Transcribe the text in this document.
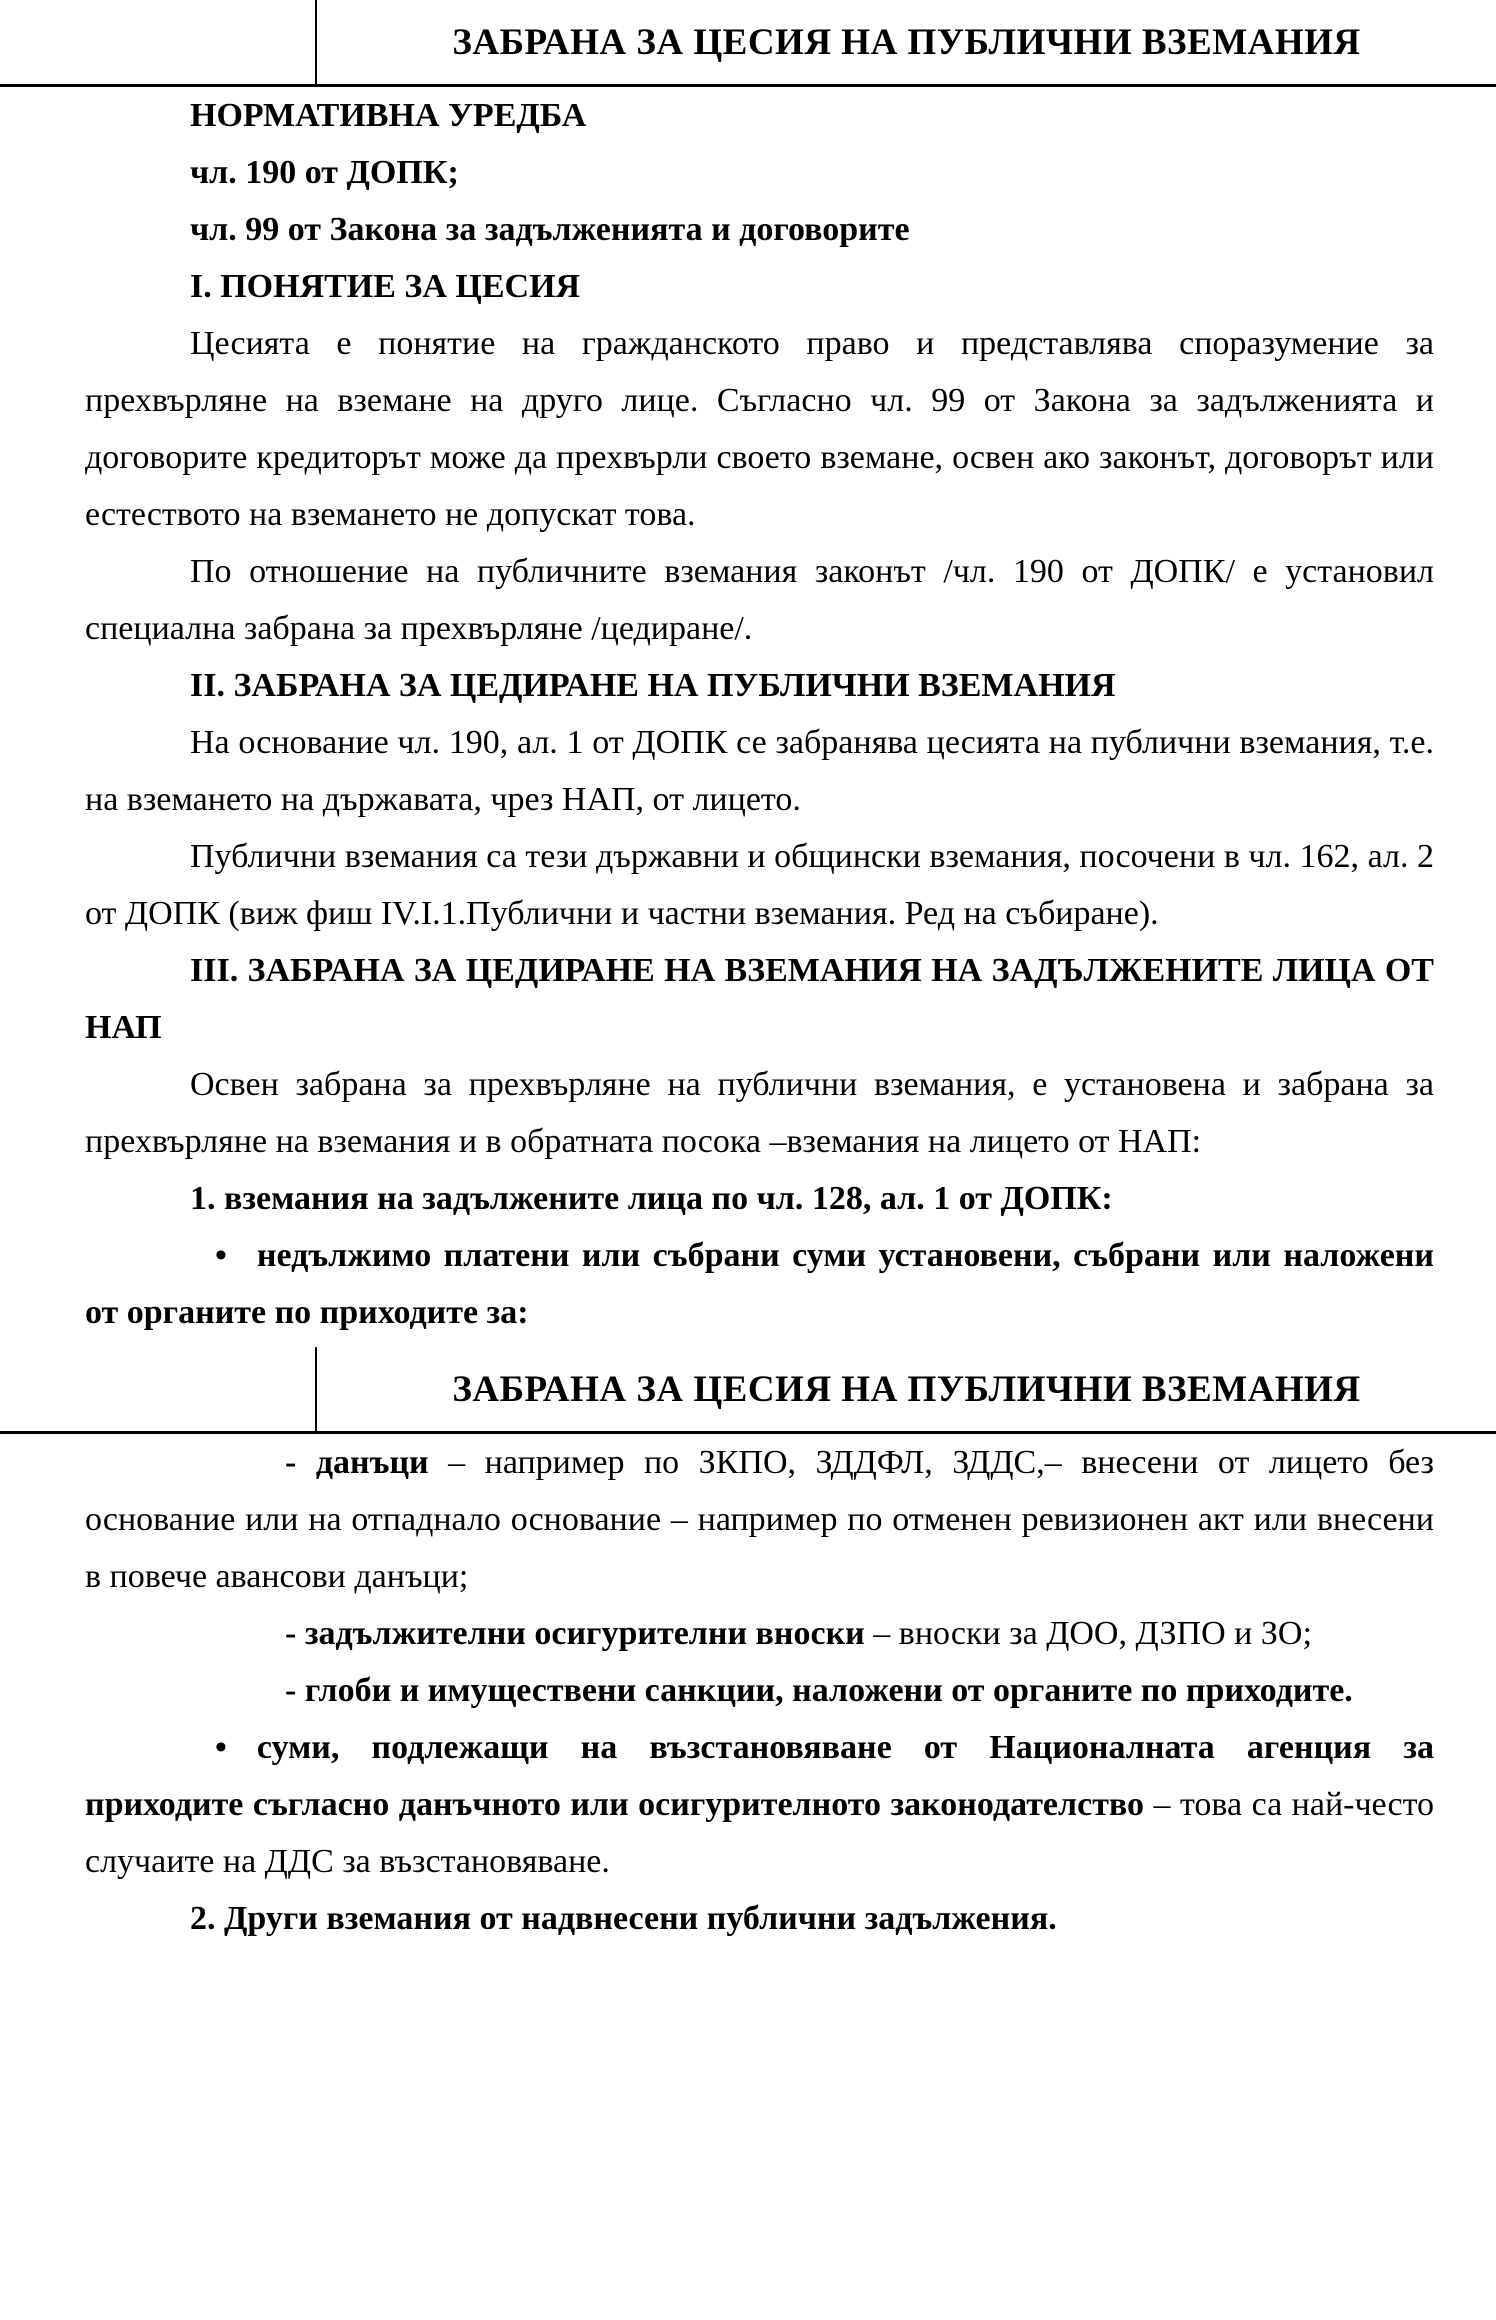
ЗАБРАНА ЗА ЦЕСИЯ НА ПУБЛИЧНИ ВЗЕМАНИЯ

НОРМАТИВНА УРЕДБА

чл. 190 от ДОПК;

чл. 99 от Закона за задълженията и договорите

I. ПОНЯТИЕ ЗА ЦЕСИЯ

Цесията е понятие на гражданското право и представлява споразумение за прехвърляне на вземане на друго лице. Съгласно чл. 99 от Закона за задълженията и договорите кредиторът може да прехвърли своето вземане, освен ако законът, договорът или естеството на вземането не допускат това.

По отношение на публичните вземания законът /чл. 190 от ДОПК/ е установил специална забрана за прехвърляне /цедиране/.

II. ЗАБРАНА ЗА ЦЕДИРАНЕ НА ПУБЛИЧНИ ВЗЕМАНИЯ

На основание чл. 190, ал. 1 от ДОПК се забранява цесията на публични вземания, т.е. на вземането на държавата, чрез НАП, от лицето.

Публични вземания са тези държавни и общински вземания, посочени в чл. 162, ал. 2 от ДОПК (виж фиш IV.I.1.Публични и частни вземания. Ред на събиране).

III. ЗАБРАНА ЗА ЦЕДИРАНЕ НА ВЗЕМАНИЯ НА ЗАДЪЛЖЕНИТЕ ЛИЦА ОТ НАП

Освен забрана за прехвърляне на публични вземания, е установена и забрана за прехвърляне на вземания и в обратната посока –вземания на лицето от НАП:

1. вземания на задължените лица по чл. 128, ал. 1 от ДОПК:

• недължимо платени или събрани суми установени, събрани или наложени от органите по приходите за:

ЗАБРАНА ЗА ЦЕСИЯ НА ПУБЛИЧНИ ВЗЕМАНИЯ

- данъци – например по ЗКПО, ЗДДФЛ, ЗДДС,– внесени от лицето без основание или на отпаднало основание – например по отменен ревизионен акт или внесени в повече авансови данъци;

- задължителни осигурителни вноски – вноски за ДОО, ДЗПО и ЗО;

- глоби и имуществени санкции, наложени от органите по приходите.

• суми, подлежащи на възстановяване от Националната агенция за приходите съгласно данъчното или осигурителното законодателство – това са най-често случаите на ДДС за възстановяване.

2. Други вземания от надвнесени публични задължения.
